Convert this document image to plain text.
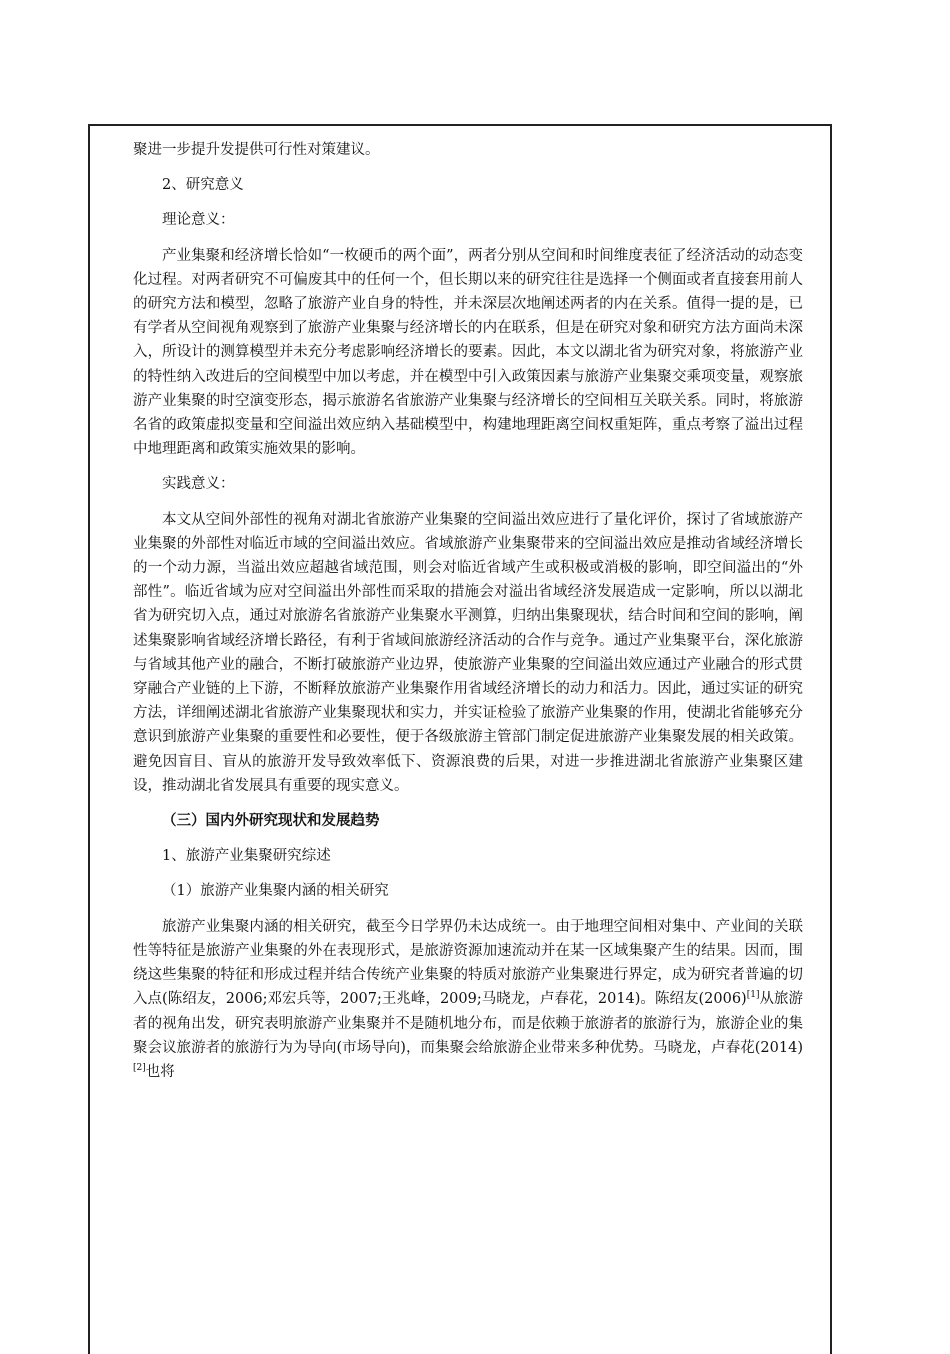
聚进一步提升发提供可行性对策建议。

2、研究意义

理论意义：

产业集聚和经济增长恰如“一枚硬币的两个面”，两者分别从空间和时间维度表征了经济活动的动态变化过程。对两者研究不可偏废其中的任何一个，但长期以来的研究往往是选择一个侧面或者直接套用前人的研究方法和模型，忽略了旅游产业自身的特性，并未深层次地阐述两者的内在关系。值得一提的是，已有学者从空间视角观察到了旅游产业集聚与经济增长的内在联系，但是在研究对象和研究方法方面尚未深入，所设计的测算模型并未充分考虑影响经济增长的要素。因此，本文以湖北省为研究对象，将旅游产业的特性纳入改进后的空间模型中加以考虑，并在模型中引入政策因素与旅游产业集聚交乘项变量，观察旅游产业集聚的时空演变形态，揭示旅游名省旅游产业集聚与经济增长的空间相互关联关系。同时，将旅游名省的政策虚拟变量和空间溢出效应纳入基础模型中，构建地理距离空间权重矩阵，重点考察了溢出过程中地理距离和政策实施效果的影响。

实践意义：

本文从空间外部性的视角对湖北省旅游产业集聚的空间溢出效应进行了量化评价，探讨了省域旅游产业集聚的外部性对临近市域的空间溢出效应。省域旅游产业集聚带来的空间溢出效应是推动省域经济增长的一个动力源，当溢出效应超越省域范围，则会对临近省域产生或积极或消极的影响，即空间溢出的“外部性”。临近省域为应对空间溢出外部性而采取的措施会对溢出省域经济发展造成一定影响，所以以湖北省为研究切入点，通过对旅游名省旅游产业集聚水平测算，归纳出集聚现状，结合时间和空间的影响，阐述集聚影响省域经济增长路径，有利于省域间旅游经济活动的合作与竞争。通过产业集聚平台，深化旅游与省域其他产业的融合，不断打破旅游产业边界，使旅游产业集聚的空间溢出效应通过产业融合的形式贯穿融合产业链的上下游，不断释放旅游产业集聚作用省域经济增长的动力和活力。因此，通过实证的研究方法，详细阐述湖北省旅游产业集聚现状和实力，并实证检验了旅游产业集聚的作用，使湖北省能够充分意识到旅游产业集聚的重要性和必要性，便于各级旅游主管部门制定促进旅游产业集聚发展的相关政策。避免因盲目、盲从的旅游开发导致效率低下、资源浪费的后果，对进一步推进湖北省旅游产业集聚区建设，推动湖北省发展具有重要的现实意义。

（三）国内外研究现状和发展趋势

1、旅游产业集聚研究综述

（1）旅游产业集聚内涵的相关研究

旅游产业集聚内涵的相关研究，截至今日学界仍未达成统一。由于地理空间相对集中、产业间的关联性等特征是旅游产业集聚的外在表现形式，是旅游资源加速流动并在某一区域集聚产生的结果。因而，围绕这些集聚的特征和形成过程并结合传统产业集聚的特质对旅游产业集聚进行界定，成为研究者普遍的切入点(陈绍友，2006;邓宏兵等，2007;王兆峰，2009;马晓龙，卢春花，2014)。陈绍友(2006)[1]从旅游者的视角出发，研究表明旅游产业集聚并不是随机地分布，而是依赖于旅游者的旅游行为，旅游企业的集聚会议旅游者的旅游行为为导向(市场导向)，而集聚会给旅游企业带来多种优势。马晓龙，卢春花(2014)[2]也将
